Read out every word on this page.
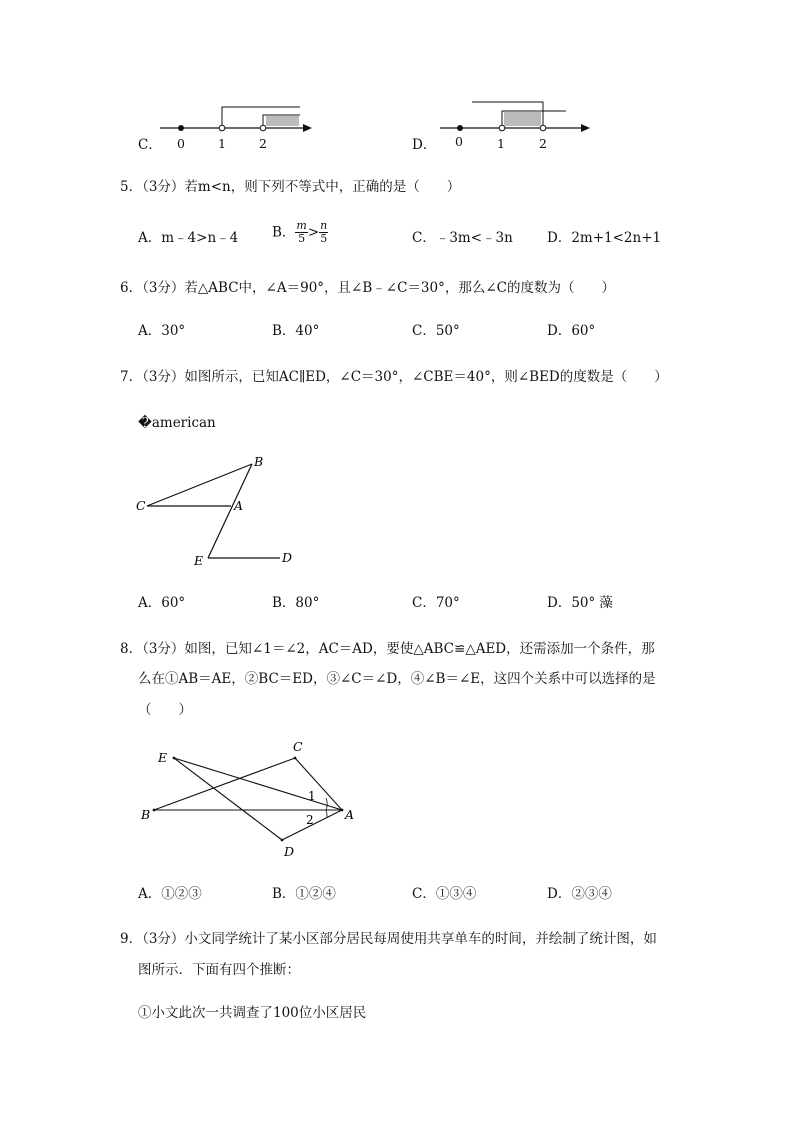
C． 0	1	2	D． 0	1	2
5．（3分）若m<n，则下列不等式中，正确的是（　　）
A．m﹣4>n﹣4	B． $\frac{m}{5} > \frac{n}{5}$	C．﹣3m<﹣3n	D．2m+1<2n+1
6．（3分）若△ABC中，∠A＝90°，且∠B﹣∠C＝30°，那么∠C的度数为（　　）
A．30°	B．40°	C．50°	D．60°
7．（3分）如图所示，已知AC∥ED，∠C＝30°，∠CBE＝40°，则∠BED的度数是（　　）
�american
B
C	A
E	D
A．60°	B．80°	C．70°	D．50° 藻
8．（3分）如图，已知∠1＝∠2，AC＝AD，要使△ABC≌△AED，还需添加一个条件，那
么在①AB＝AE，②BC＝ED，③∠C＝∠D，④∠B＝∠E，这四个关系中可以选择的是
（　　）
E
C
B	A
D
1
2
A．①②③	B．①②④	C．①③④	D．②③④
9．（3分）小文同学统计了某小区部分居民每周使用共享单车的时间，并绘制了统计图，如
图所示．下面有四个推断：
①小文此次一共调查了100位小区居民
